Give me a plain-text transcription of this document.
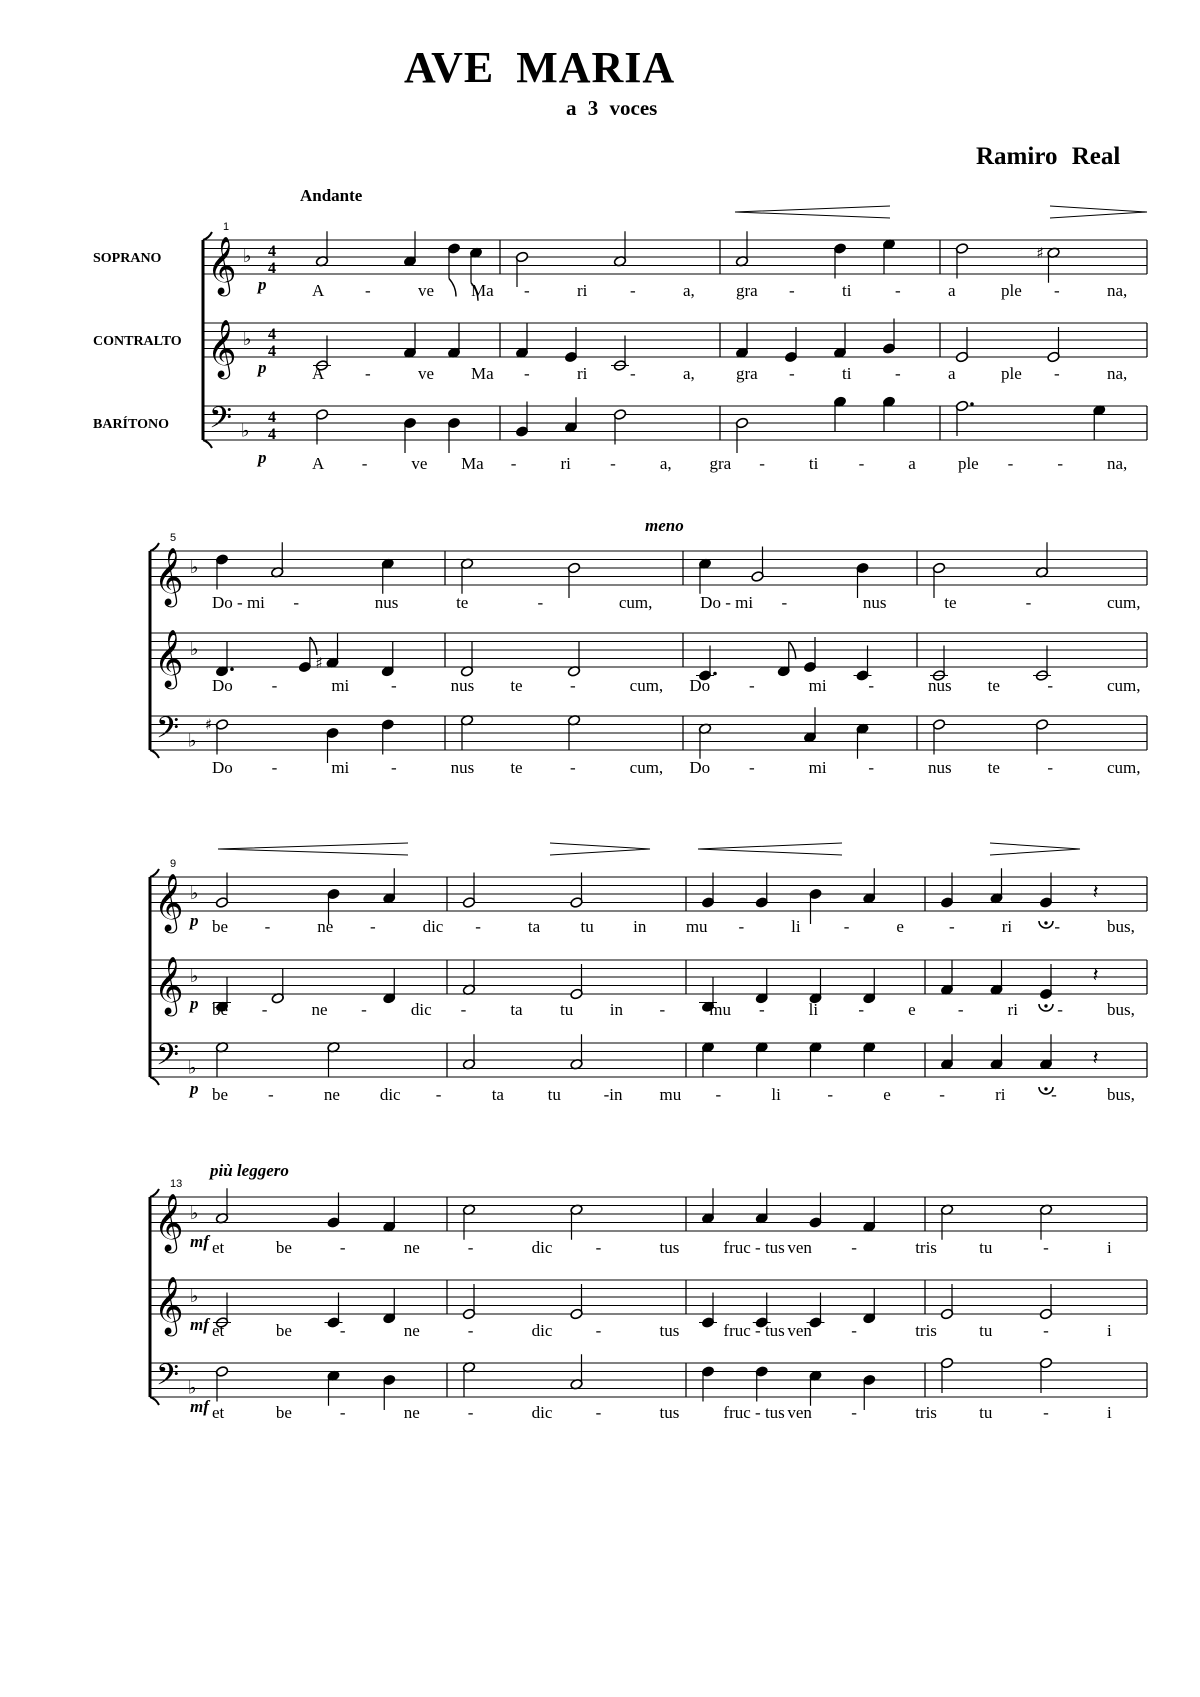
AVE MARIA
a 3 voces
Ramiro Real
SOPRANO
CONTRALTO
BARÍTONO
1
𝄞 ♭ 4
4
𝄞 ♭ 4
4
𝄢 ♭
4
4
♯
A -	ve Ma -	ri	-	a, gra -	ti	-	a	ple -	na,
p
A -	ve Ma -	ri	-	a, gra -	ti	-	a	ple -	na,
p
A -	ve Ma -	ri -	a, gra -	ti -	a ple -	-	na,
p
Andante
5
𝄞 ♭
𝄞 ♭
𝄢 ♭
Do - mi -	nus	te	-	cum,	Do - mi -	nus	te	-	cum,
♯
Do -	mi -	nus te	-	cum, Do -	mi -	nus te	-	cum,
♯
Do -	mi -	nus te	-	cum, Do -	mi -	nus te	-	cum,
meno
9
𝄞 ♭
𝄞 ♭
𝄢 ♭
𝄽
be -	ne -	dic -	ta tu in mu -	li	-	e	-	ri -	bus,
p
𝄽
be -	ne -	dic -	ta tu in -	mu -	li -	e -	ri -	bus,
p
𝄽
be -	ne dic -	ta	tu	-in mu -	li	-	e	-	ri	-	bus,
p
13
𝄞 ♭
𝄞 ♭
𝄢 ♭
et	be	-	ne	-	dic	-	tus	fruc - tus ven -	tris tu	-	i
mf
et	be	-	ne	-	dic	-	tus	fruc - tus ven -	tris tu	-	i
mf
et	be	-	ne	-	dic	-	tus	fruc - tus ven -	tris tu	-	i
mf
più leggero
